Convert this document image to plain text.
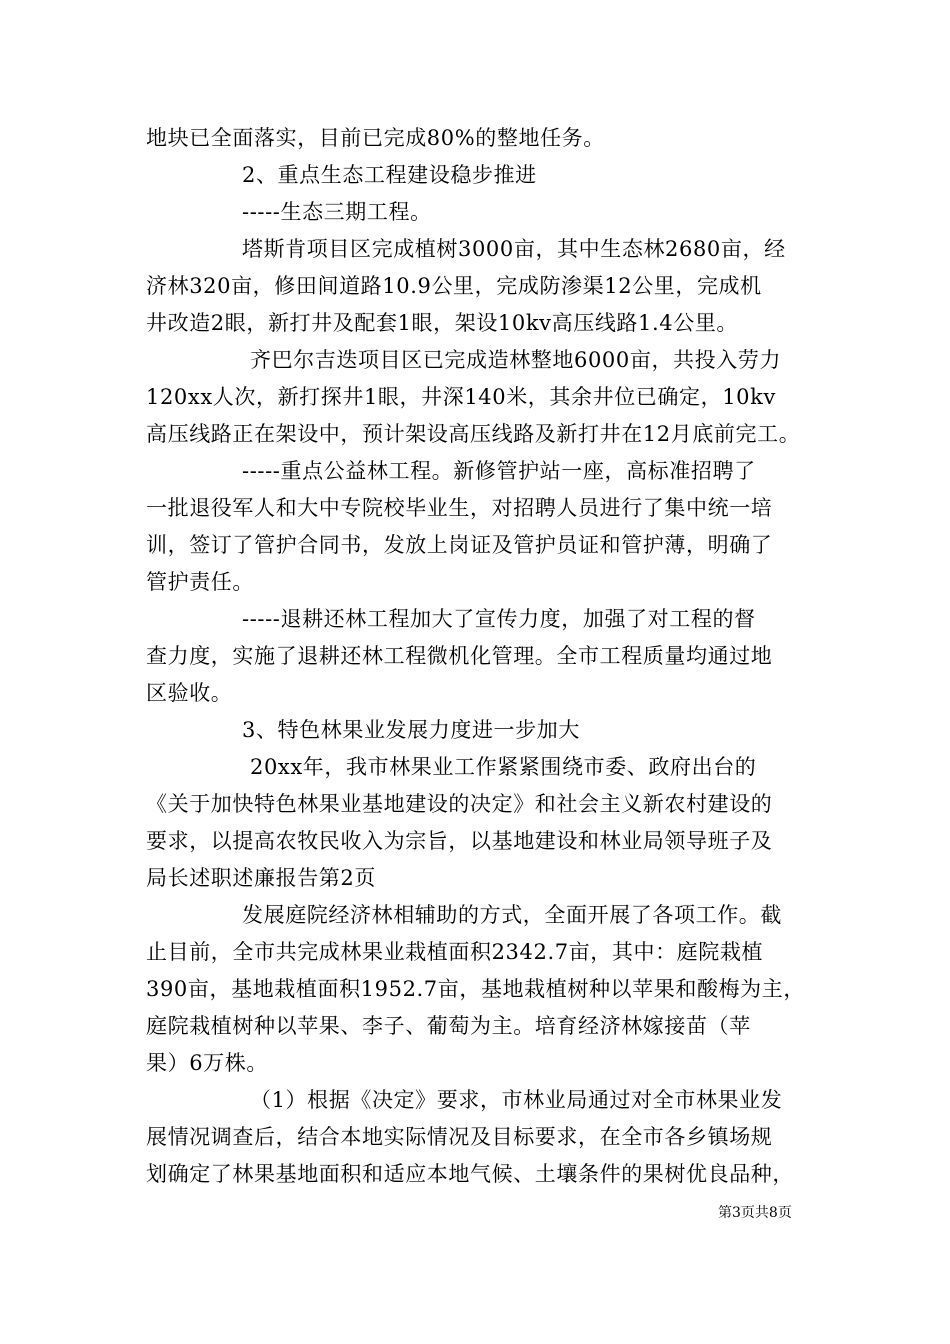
地块已全面落实，目前已完成80%的整地任务。
2、重点生态工程建设稳步推进
-----生态三期工程。
塔斯肯项目区完成植树3000亩，其中生态林2680亩，经
济林320亩，修田间道路10.9公里，完成防渗渠12公里，完成机
井改造2眼，新打井及配套1眼，架设10kv高压线路1.4公里。
齐巴尔吉迭项目区已完成造林整地6000亩，共投入劳力
120xx人次，新打探井1眼，井深140米，其余井位已确定，10kv
高压线路正在架设中，预计架设高压线路及新打井在12月底前完工。
-----重点公益林工程。新修管护站一座，高标准招聘了
一批退役军人和大中专院校毕业生，对招聘人员进行了集中统一培
训，签订了管护合同书，发放上岗证及管护员证和管护薄，明确了
管护责任。
-----退耕还林工程加大了宣传力度，加强了对工程的督
查力度，实施了退耕还林工程微机化管理。全市工程质量均通过地
区验收。
3、特色林果业发展力度进一步加大
20xx年，我市林果业工作紧紧围绕市委、政府出台的
《关于加快特色林果业基地建设的决定》和社会主义新农村建设的
要求，以提高农牧民收入为宗旨，以基地建设和林业局领导班子及
局长述职述廉报告第2页
发展庭院经济林相辅助的方式，全面开展了各项工作。截
止目前，全市共完成林果业栽植面积2342.7亩，其中：庭院栽植
390亩，基地栽植面积1952.7亩，基地栽植树种以苹果和酸梅为主，
庭院栽植树种以苹果、李子、葡萄为主。培育经济林嫁接苗（苹
果）6万株。
（1）根据《决定》要求，市林业局通过对全市林果业发
展情况调查后，结合本地实际情况及目标要求，在全市各乡镇场规
划确定了林果基地面积和适应本地气候、土壤条件的果树优良品种，
第3页共8页
